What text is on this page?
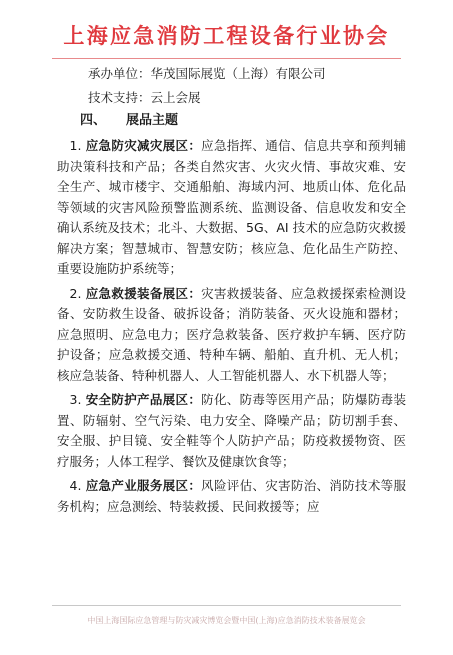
上海应急消防工程设备行业协会
承办单位：华茂国际展览（上海）有限公司
技术支持：云上会展
四、 展品主题

 1. 应急防灾减灾展区：应急指挥、通信、信息共享和预判辅助决策科技和产品；各类自然灾害、火灾火情、事故灾难、安全生产、城市楼宇、交通船舶、海域内河、地质山体、危化品等领域的灾害风险预警监测系统、监测设备、信息收发和安全确认系统及技术；北斗、大数据、5G、AI 技术的应急防灾救援解决方案；智慧城市、智慧安防；核应急、危化品生产防控、重要设施防护系统等；

 2. 应急救援装备展区：灾害救援装备、应急救援探索检测设备、安防救生设备、破拆设备；消防装备、灭火设施和器材；应急照明、应急电力；医疗急救装备、医疗救护车辆、医疗防护设备；应急救援交通、特种车辆、船舶、直升机、无人机；核应急装备、特种机器人、人工智能机器人、水下机器人等；

 3. 安全防护产品展区：防化、防毒等医用产品；防爆防毒装置、防辐射、空气污染、电力安全、降噪产品；防切割手套、安全服、护目镜、安全鞋等个人防护产品；防疫救援物资、医疗服务；人体工程学、餐饮及健康饮食等；

 4. 应急产业服务展区：风险评估、灾害防治、消防技术等服务机构；应急测绘、特装救援、民间救援等；应

中国上海国际应急管理与防灾减灾博览会暨中国(上海)应急消防技术装备展览会
